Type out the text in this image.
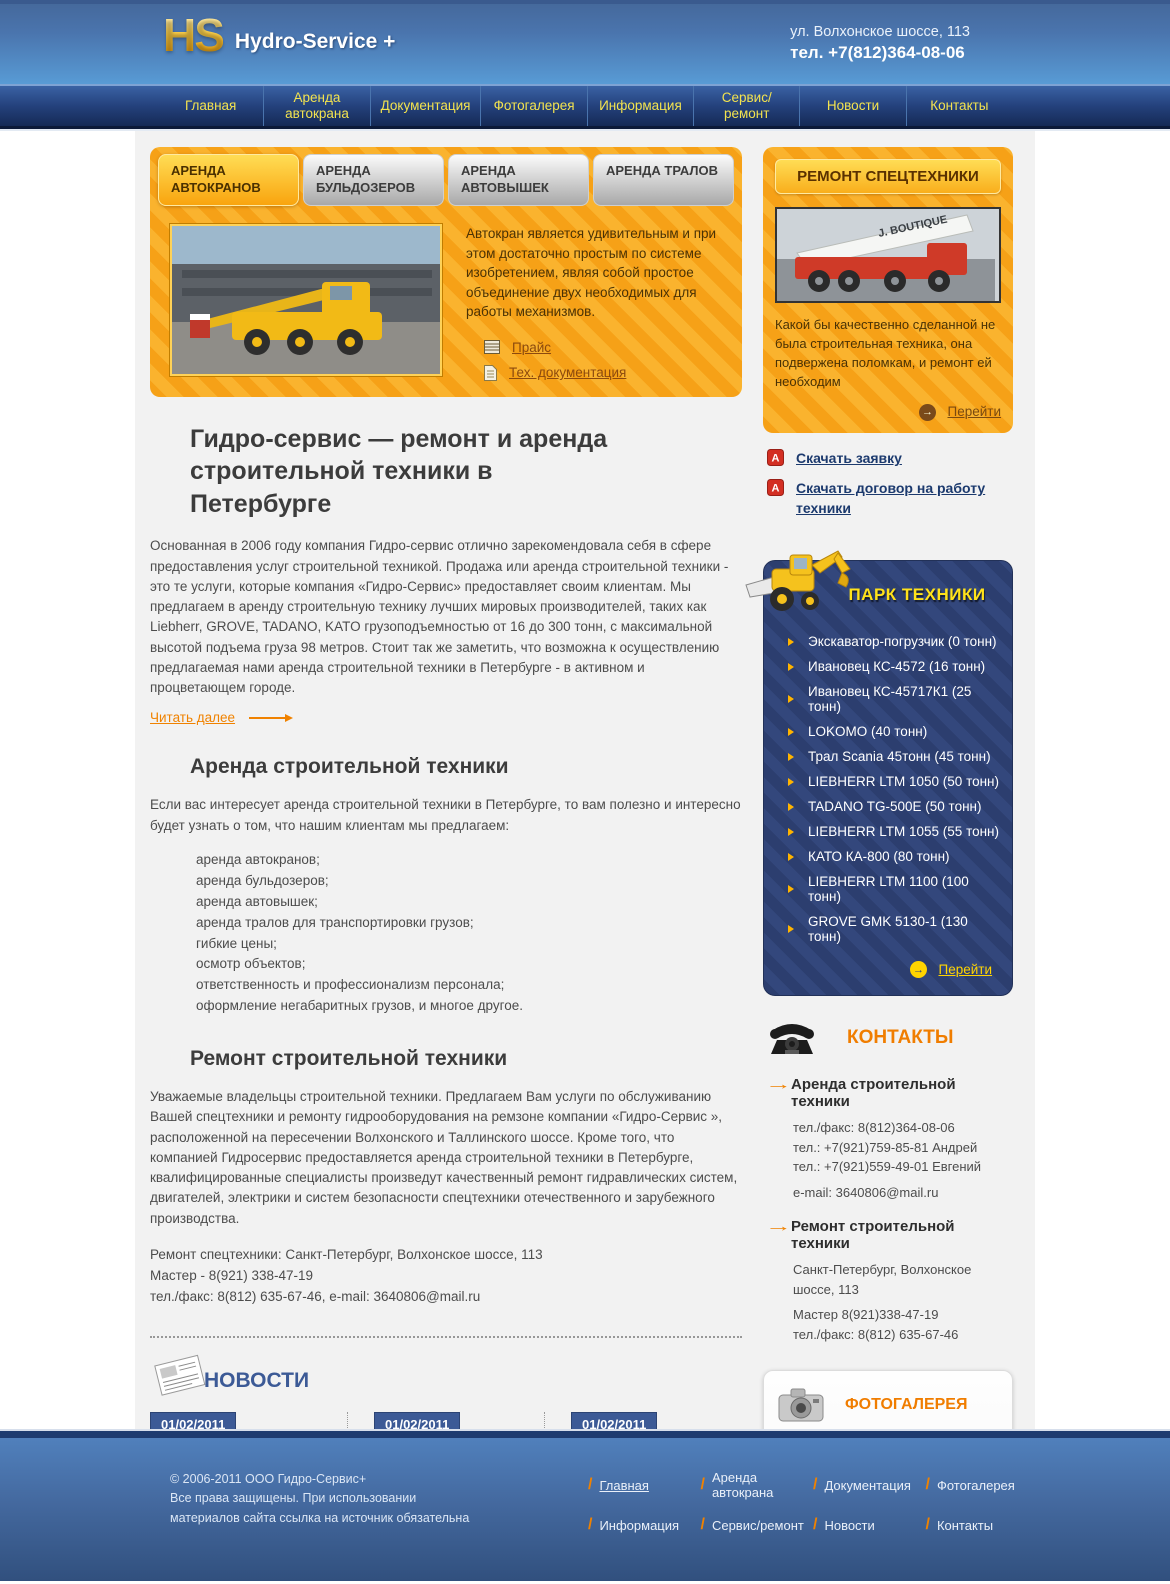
HS Hydro-Service +	ул. Волхонское шоссе, 113
тел. +7(812)364-08-06
Главная
Аренда автокрана
Документация	Фотогалерея	Информация
Сервис/ремонт
Новости	Контакты
АРЕНДА АВТОКРАНОВ
АРЕНДА БУЛЬДОЗЕРОВ
АРЕНДА АВТОВЫШЕК
АРЕНДА ТРАЛОВ
Автокран является удивительным и при этом достаточно простым по системе изобретением, являя собой простое объединение двух необходимых для работы механизмов.
Прайс
Тех. документация
Гидро-сервис — ремонт и аренда строительной техники в Петербурге

Основанная в 2006 году компания Гидро-сервис отлично зарекомендовала себя в сфере предоставления услуг строительной техникой. Продажа или аренда строительной техники - это те услуги, которые компания «Гидро-Сервис» предоставляет своим клиентам. Мы предлагаем в аренду строительную технику лучших мировых производителей, таких как Liebherr, GROVE, TADANO, KATO грузоподъемностью от 16 до 300 тонн, с максимальной высотой подъема груза 98 метров. Стоит так же заметить, что возможна к осуществлению предлагаемая нами аренда строительной техники в Петербурге - в активном и процветающем городе.

Читать далее
Аренда строительной техники

Если вас интересует аренда строительной техники в Петербурге, то вам полезно и интересно будет узнать о том, что нашим клиентам мы предлагаем:

аренда автокранов;
аренда бульдозеров;
аренда автовышек;
аренда тралов для транспортировки грузов;
гибкие цены;
осмотр объектов;
ответственность и профессионализм персонала;
оформление негабаритных грузов, и многое другое.
Ремонт строительной техники

Уважаемые владельцы строительной техники. Предлагаем Вам услуги по обслуживанию Вашей спецтехники и ремонту гидрооборудования на ремзоне компании «Гидро-Сервис », расположенной на пересечении Волхонского и Таллинского шоссе. Кроме того, что компанией Гидросервис предоставляется аренда строительной техники в Петербурге, квалифицированные специалисты произведут качественный ремонт гидравлических систем, двигателей, электрики и систем безопасности спецтехники отечественного и зарубежного производства.

Ремонт спецтехники: Санкт-Петербург, Волхонское шоссе, 113
Мастер - 8(921) 338-47-19
тел./факс: 8(812) 635-67-46, e-mail: 3640806@mail.ru
НОВОСТИ
01/02/2011	01/02/2011	01/02/2011

РЕМОНТ СПЕЦТЕХНИКИ
J. BOUTIQUE
Какой бы качественно сделанной не была строительная техника, она подвержена поломкам, и ремонт ей необходим
→ Перейти
A Скачать заявку
A Скачать договор на работу техники
ПАРК ТЕХНИКИ
Экскаватор-погрузчик (0 тонн)
Ивановец КС-4572 (16 тонн)
Ивановец КС-45717К1 (25 тонн)
LOKOMO (40 тонн)
Трал Scania 45тонн (45 тонн)
LIEBHERR LTM 1050 (50 тонн)
TADANO TG-500E (50 тонн)
LIEBHERR LTM 1055 (55 тонн)
КАТО КА-800 (80 тонн)
LIEBHERR LTM 1100 (100 тонн)
GROVE GMK 5130-1 (130 тонн)
→ Перейти
КОНТАКТЫ
→ Аренда строительной техники
тел./факс: 8(812)364-08-06
тел.: +7(921)759-85-81 Андрей
тел.: +7(921)559-49-01 Евгений
e-mail: 3640806@mail.ru
→ Ремонт строительной техники
Санкт-Петербург, Волхонское шоссе, 113
Мастер 8(921)338-47-19
тел./факс: 8(812) 635-67-46
ФОТОГАЛЕРЕЯ
© 2006-2011 ООО Гидро-Сервис+
Все права защищены. При использовании
материалов сайта ссылка на источник обязательна
/ Главная	/ Аренда автокрана	/ Документация / Фотогалерея
/ Информация / Сервис/ремонт / Новости	/ Контакты
